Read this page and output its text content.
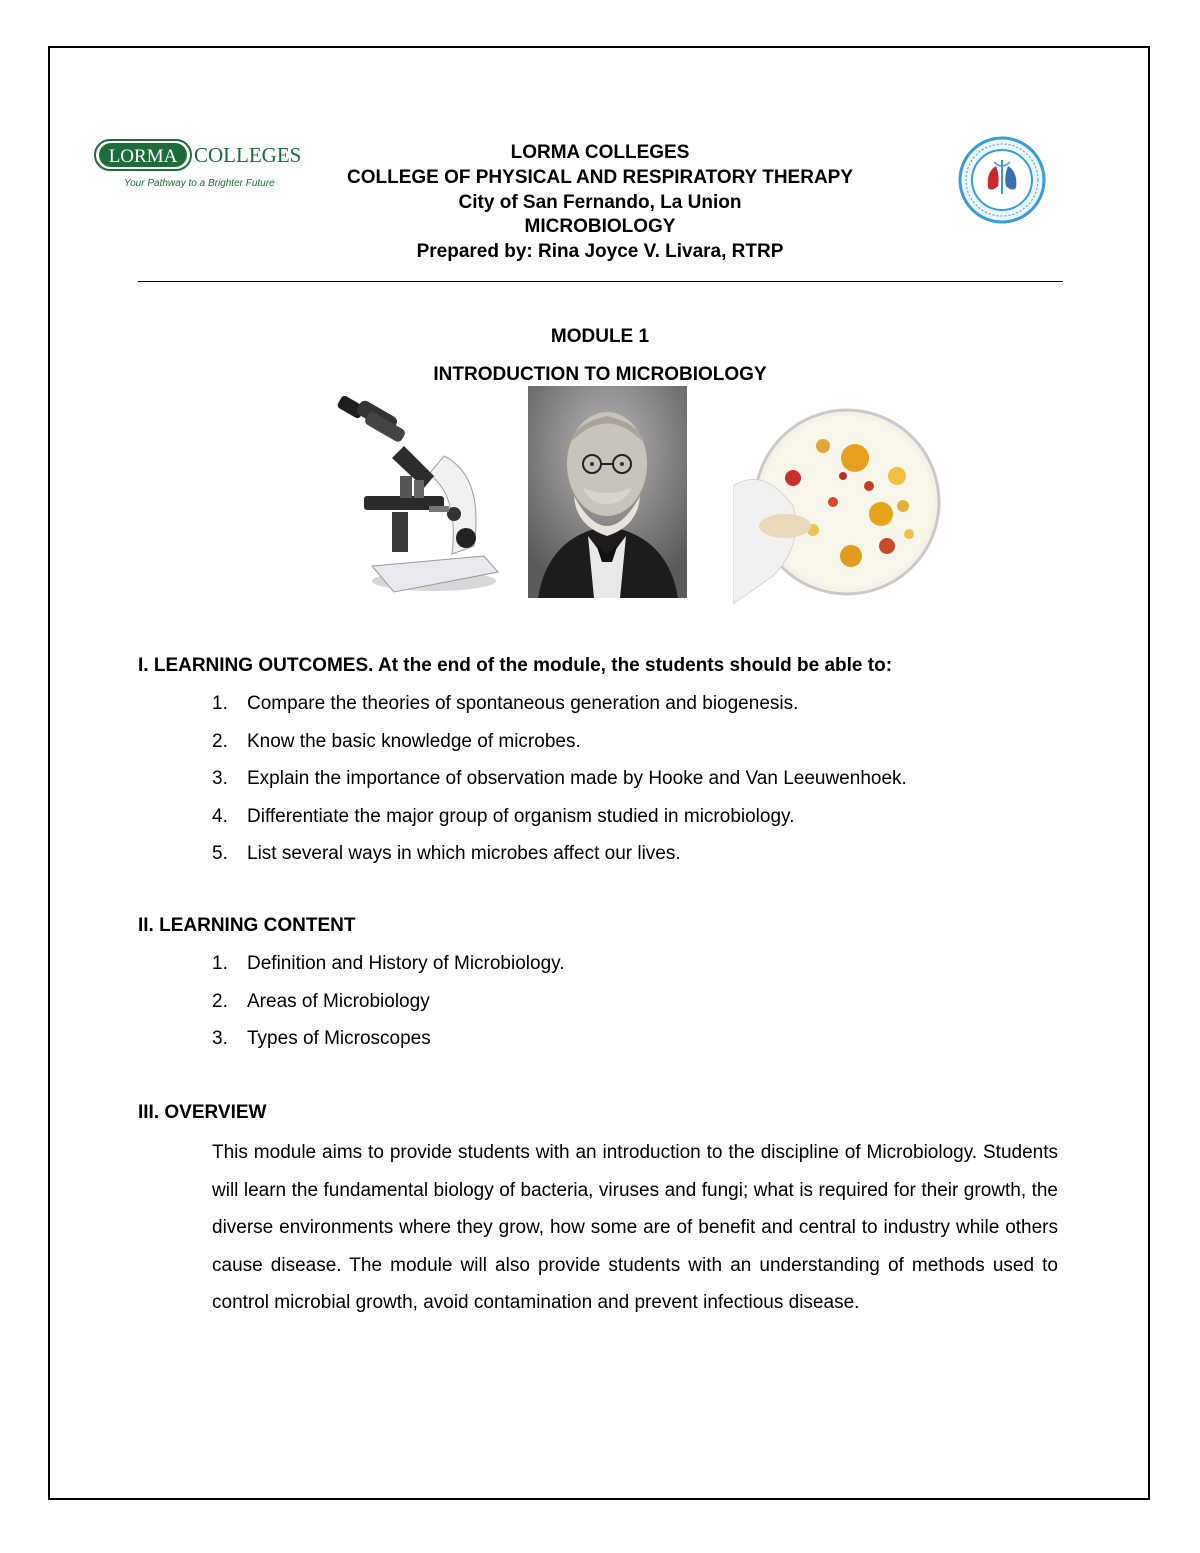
LORMA COLLEGES
Your Pathway to a Brighter Future
LORMA COLLEGES
COLLEGE OF PHYSICAL AND RESPIRATORY THERAPY
City of San Fernando, La Union
MICROBIOLOGY
Prepared by: Rina Joyce V. Livara, RTRP
MODULE 1
INTRODUCTION TO MICROBIOLOGY
I. LEARNING OUTCOMES. At the end of the module, the students should be able to:
1. Compare the theories of spontaneous generation and biogenesis.
2. Know the basic knowledge of microbes.
3. Explain the importance of observation made by Hooke and Van Leeuwenhoek.
4. Differentiate the major group of organism studied in microbiology.
5. List several ways in which microbes affect our lives.
II. LEARNING CONTENT
1. Definition and History of Microbiology.
2. Areas of Microbiology
3. Types of Microscopes
III. OVERVIEW
This module aims to provide students with an introduction to the discipline of Microbiology. Students will learn the fundamental biology of bacteria, viruses and fungi; what is required for their growth, the diverse environments where they grow, how some are of benefit and central to industry while others cause disease. The module will also provide students with an understanding of methods used to control microbial growth, avoid contamination and prevent infectious disease.
